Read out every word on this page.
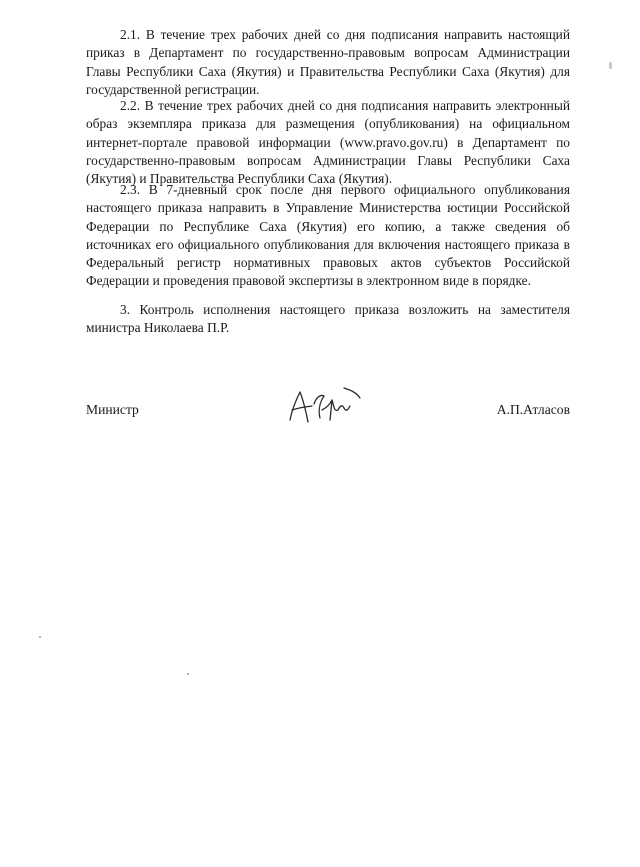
2.1. В течение трех рабочих дней со дня подписания направить настоящий приказ в Департамент по государственно-правовым вопросам Администрации Главы Республики Саха (Якутия) и Правительства Республики Саха (Якутия) для государственной регистрации.

2.2. В течение трех рабочих дней со дня подписания направить электронный образ экземпляра приказа для размещения (опубликования) на официальном интернет-портале правовой информации (www.pravo.gov.ru) в Департамент по государственно-правовым вопросам Администрации Главы Республики Саха (Якутия) и Правительства Республики Саха (Якутия).

2.3. В 7-дневный срок после дня первого официального опубликования настоящего приказа направить в Управление Министерства юстиции Российской Федерации по Республике Саха (Якутия) его копию, а также сведения об источниках его официального опубликования для включения настоящего приказа в Федеральный регистр нормативных правовых актов субъектов Российской Федерации и проведения правовой экспертизы в электронном виде в порядке.

3. Контроль исполнения настоящего приказа возложить на заместителя министра Николаева П.Р.

Министр	А.П.Атласов
